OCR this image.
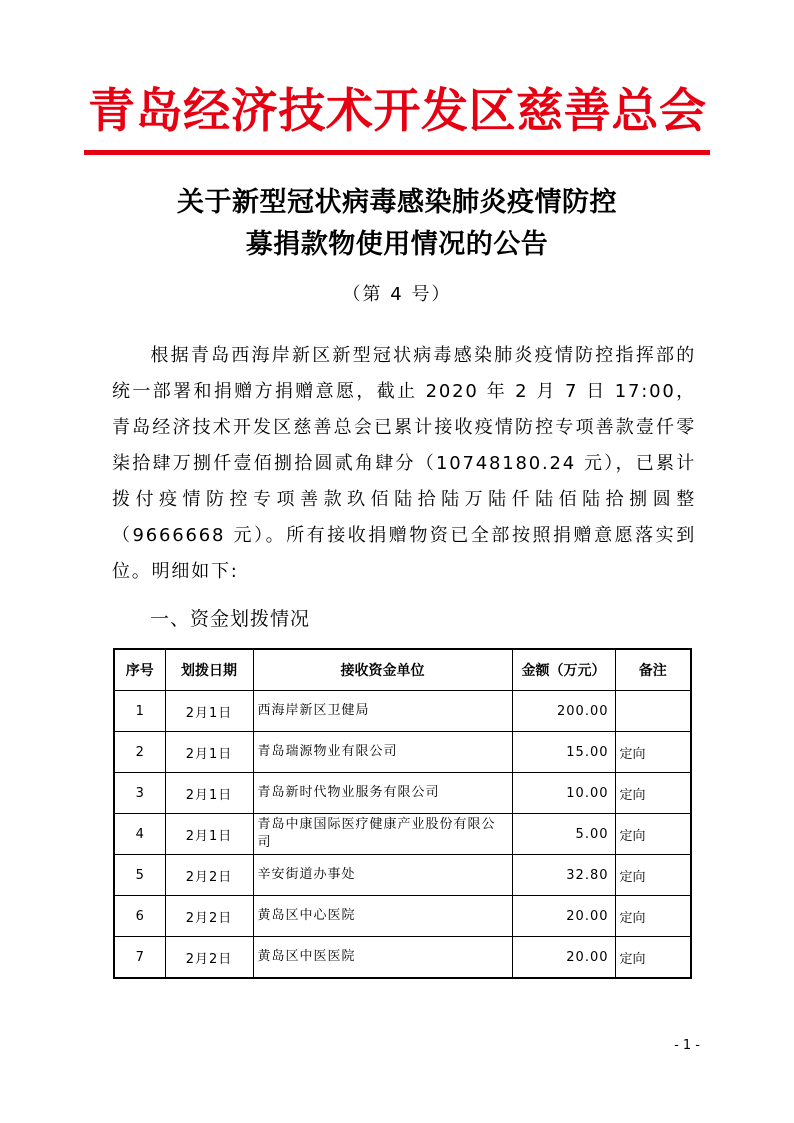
青 岛 经 济 技 术 开 发 区 慈 善 总 会
关于新型冠状病毒感染肺炎疫情防控
募捐款物使用情况的公告
（第 4 号）

根据青岛西海岸新区新型冠状病毒感染肺炎疫情防控指挥部的统一部署和捐赠方捐赠意愿，截止 2020 年 2 月 7 日 17:00，青岛经济技术开发区慈善总会已累计接收疫情防控专项善款壹仟零柒拾肆万捌仟壹佰捌拾圆贰角肆分（10748180.24 元），已累计拨付疫情防控专项善款玖佰陆拾陆万陆仟陆佰陆拾捌圆整（9666668 元）。所有接收捐赠物资已全部按照捐赠意愿落实到位。明细如下:

一、资金划拨情况
序号	划拨日期	接收资金单位	金额（万元）	备注
1	2月1日	西海岸新区卫健局	200.00	
2	2月1日	青岛瑞源物业有限公司	15.00	定向
3	2月1日	青岛新时代物业服务有限公司	10.00	定向
4	2月1日	青岛中康国际医疗健康产业股份有限公司	5.00	定向
5	2月2日	辛安街道办事处	32.80	定向
6	2月2日	黄岛区中心医院	20.00	定向
7	2月2日	黄岛区中医医院	20.00	定向
- 1 -
